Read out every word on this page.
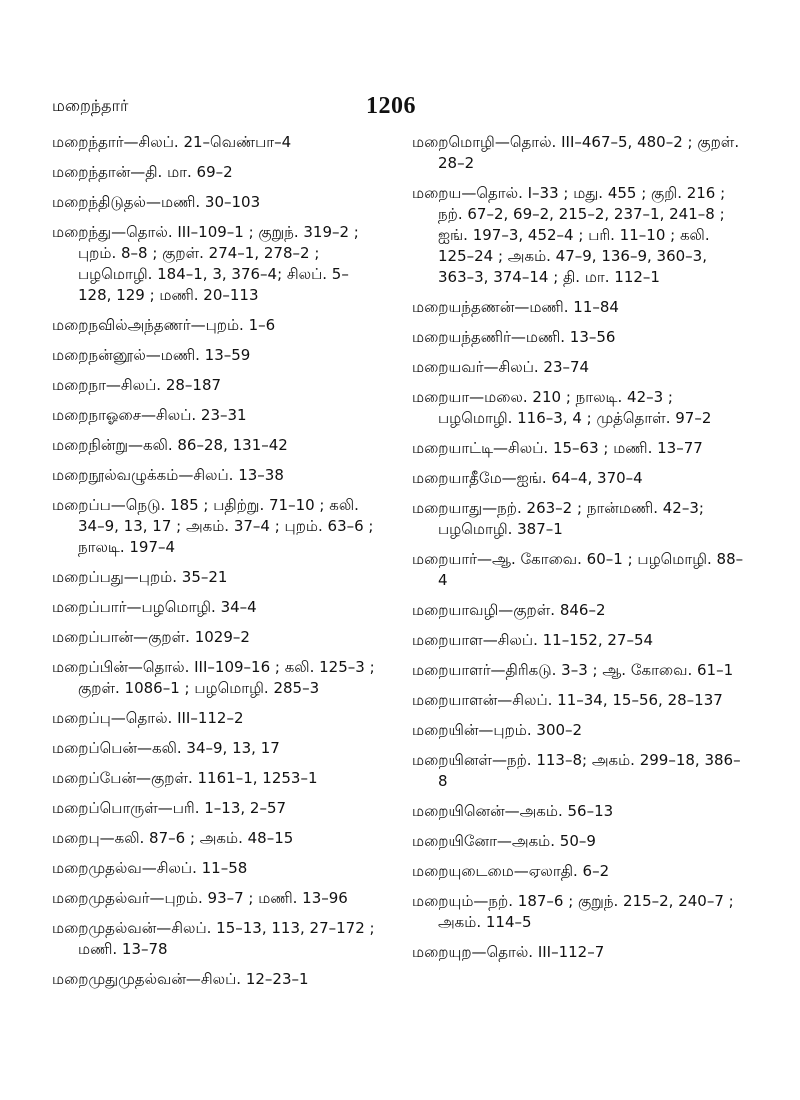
மறைந்தார்	1206

மறைந்தார்—சிலப். 21–வெண்பா–4

மறைந்தான்—தி. மா. 69–2

மறைந்திடுதல்—மணி. 30–103

மறைந்து—தொல். III–109–1 ; குறுந். 319–2 ; புறம். 8–8 ; குறள். 274–1, 278–2 ; பழமொழி. 184–1, 3, 376–4; சிலப். 5–128, 129 ; மணி. 20–113

மறைநவில்அந்தணர்—புறம். 1–6

மறைநன்னூல்—மணி. 13–59

மறைநா—சிலப். 28–187

மறைநாஓசை—சிலப். 23–31

மறைநின்று—கலி. 86–28, 131–42

மறைநூல்வழுக்கம்—சிலப். 13–38

மறைப்ப—நெடு. 185 ; பதிற்று. 71–10 ; கலி. 34–9, 13, 17 ; அகம். 37–4 ; புறம். 63–6 ; நாலடி. 197–4

மறைப்பது—புறம். 35–21

மறைப்பார்—பழமொழி. 34–4

மறைப்பான்—குறள். 1029–2

மறைப்பின்—தொல். III–109–16 ; கலி. 125–3 ; குறள். 1086–1 ; பழமொழி. 285–3

மறைப்பு—தொல். III–112–2

மறைப்பென்—கலி. 34–9, 13, 17

மறைப்பேன்—குறள். 1161–1, 1253–1

மறைப்பொருள்—பரி. 1–13, 2–57

மறைபு—கலி. 87–6 ; அகம். 48–15

மறைமுதல்வ—சிலப். 11–58

மறைமுதல்வர்—புறம். 93–7 ; மணி. 13–96

மறைமுதல்வன்—சிலப். 15–13, 113, 27–172 ; மணி. 13–78

மறைமுதுமுதல்வன்—சிலப். 12–23–1

மறைமொழி—தொல். III–467–5, 480–2 ; குறள். 28–2

மறைய—தொல். I–33 ; மது. 455 ; குறி. 216 ; நற். 67–2, 69–2, 215–2, 237–1, 241–8 ; ஐங். 197–3, 452–4 ; பரி. 11–10 ; கலி. 125–24 ; அகம். 47–9, 136–9, 360–3, 363–3, 374–14 ; தி. மா. 112–1

மறையந்தணன்—மணி. 11–84

மறையந்தணிர்—மணி. 13–56

மறையவர்—சிலப். 23–74

மறையா—மலை. 210 ; நாலடி. 42–3 ; பழமொழி. 116–3, 4 ; முத்தொள். 97–2

மறையாட்டி—சிலப். 15–63 ; மணி. 13–77

மறையாதீமே—ஐங். 64–4, 370–4

மறையாது—நற். 263–2 ; நான்மணி. 42–3; பழமொழி. 387–1

மறையார்—ஆ. கோவை. 60–1 ; பழமொழி. 88–4

மறையாவழி—குறள். 846–2

மறையாள—சிலப். 11–152, 27–54

மறையாளர்—திரிகடு. 3–3 ; ஆ. கோவை. 61–1

மறையாளன்—சிலப். 11–34, 15–56, 28–137

மறையின்—புறம். 300–2

மறையினள்—நற். 113–8; அகம். 299–18, 386–8

மறையினென்—அகம். 56–13

மறையினோ—அகம். 50–9

மறையுடைமை—ஏலாதி. 6–2

மறையும்—நற். 187–6 ; குறுந். 215–2, 240–7 ; அகம். 114–5

மறையுற—தொல். III–112–7
